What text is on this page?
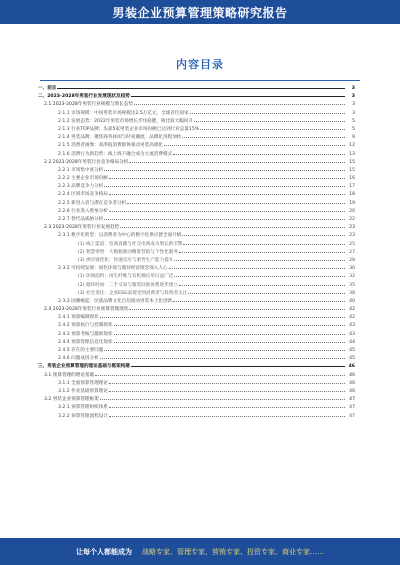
男装企业预算管理策略研究报告
内容目录
一、前言	3
二、2023-2028年男装行业发展现状及趋势	3
2.1 2023-2028年男装行业规模与增长态势	3
2.1.1 市场规模：中国男装市场规模达2.5万亿元，全球首位国家	3
2.1.2 发展态势：2022年男装市场增长步伐稳健，相比较大幅回升	5
2.1.3 行业TOP品牌：头部5家男装企业市场份额已达到行业总量15%	5
2.1.4 男装品牌：聚焦商务休闲与时尚潮流，品牌化进程加快	9
2.1.5 消费者画像：高净值消费群体驱动男装高端化	12
2.1.6 消费行为新趋势：线上线下融合成为主流消费模式	13
2.2 2023-2028年男装行业竞争格局分析	15
2.2.1 市场集中度分析	15
2.2.2 主要企业市场份额	16
2.2.3 品牌竞争力分析	17
2.2.4 区域市场竞争格局	18
2.2.5 新进入者与潜在竞争者分析	19
2.2.6 行业进入壁垒分析	20
2.2.7 替代品威胁分析	22
2.3 2023-2028年男装行业发展趋势	23
2.3.1 数字化转型：以消费者为中心的数字化供应链全面升级	23
(1) 线上渠道：电商直播与社交电商成为增长新引擎	25
(2) 智慧零售：大数据驱动精准营销与个性化服务	27
(3) 供应链优化：快速反应与柔性生产能力提升	28
2.3.2 可持续发展：绿色环保与循环经济理念深入人心	30
(1) 环保面料：再生纤维与有机棉应用日益广泛	32
(2) 循环时尚：二手交易与服装回收体系逐步建立	35
(3) 社会责任：企业ESG表现受到消费者与投资者关注	38
2.3.3 国潮崛起：民族品牌文化自信推动男装本土化创新	40
2.4 2023-2028年男装行业预算管理现状	42
2.4.1 预算编制现状	42
2.4.2 预算执行与控制现状	43
2.4.3 预算考核与激励现状	43
2.4.4 预算管理信息化现状	44
2.4.5 存在的主要问题	45
2.4.6 问题成因分析	45
三、男装企业预算管理的理论基础与框架构建	46
3.1 预算管理的理论基础	46
3.1.1 全面预算管理理论	46
3.1.2 作业基础预算理论	46
3.2 男装企业预算管理框架	47
3.2.1 预算管理组织体系	47
3.2.2 预算管理流程设计	47
让每个人都能成为 战略专家、管理专家、营销专家、投资专家、商业专家……
